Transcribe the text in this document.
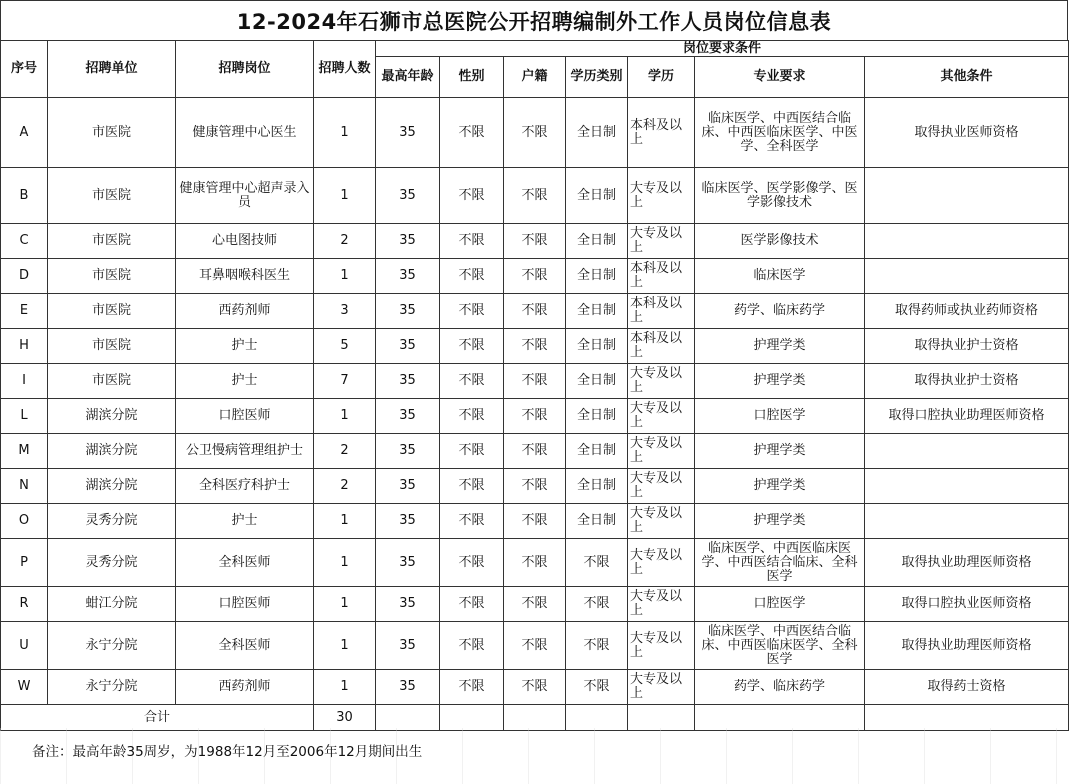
12-2024年石狮市总医院公开招聘编制外工作人员岗位信息表
序号	招聘单位	招聘岗位	招聘人数	岗位要求条件						
				最高年龄	性别	户籍	学历类别	学历	专业要求	其他条件
A	市医院	健康管理中心医生	1	35	不限	不限	全日制	本科及以上	临床医学、中西医结合临床、中西医临床医学、中医学、全科医学	取得执业医师资格
B	市医院	健康管理中心超声录入员	1	35	不限	不限	全日制	大专及以上	临床医学、医学影像学、医学影像技术	
C	市医院	心电图技师	2	35	不限	不限	全日制	大专及以上	医学影像技术	
D	市医院	耳鼻咽喉科医生	1	35	不限	不限	全日制	本科及以上	临床医学	
E	市医院	西药剂师	3	35	不限	不限	全日制	本科及以上	药学、临床药学	取得药师或执业药师资格
H	市医院	护士	5	35	不限	不限	全日制	本科及以上	护理学类	取得执业护士资格
I	市医院	护士	7	35	不限	不限	全日制	大专及以上	护理学类	取得执业护士资格
L	湖滨分院	口腔医师	1	35	不限	不限	全日制	大专及以上	口腔医学	取得口腔执业助理医师资格
M	湖滨分院	公卫慢病管理组护士	2	35	不限	不限	全日制	大专及以上	护理学类	
N	湖滨分院	全科医疗科护士	2	35	不限	不限	全日制	大专及以上	护理学类	
O	灵秀分院	护士	1	35	不限	不限	全日制	大专及以上	护理学类	
P	灵秀分院	全科医师	1	35	不限	不限	不限	大专及以上	临床医学、中西医临床医学、中西医结合临床、全科医学	取得执业助理医师资格
R	蚶江分院	口腔医师	1	35	不限	不限	不限	大专及以上	口腔医学	取得口腔执业医师资格
U	永宁分院	全科医师	1	35	不限	不限	不限	大专及以上	临床医学、中西医结合临床、中西医临床医学、全科医学	取得执业助理医师资格
W	永宁分院	西药剂师	1	35	不限	不限	不限	大专及以上	药学、临床药学	取得药士资格
合计			30							
备注：最高年龄35周岁，为1988年12月至2006年12月期间出生
